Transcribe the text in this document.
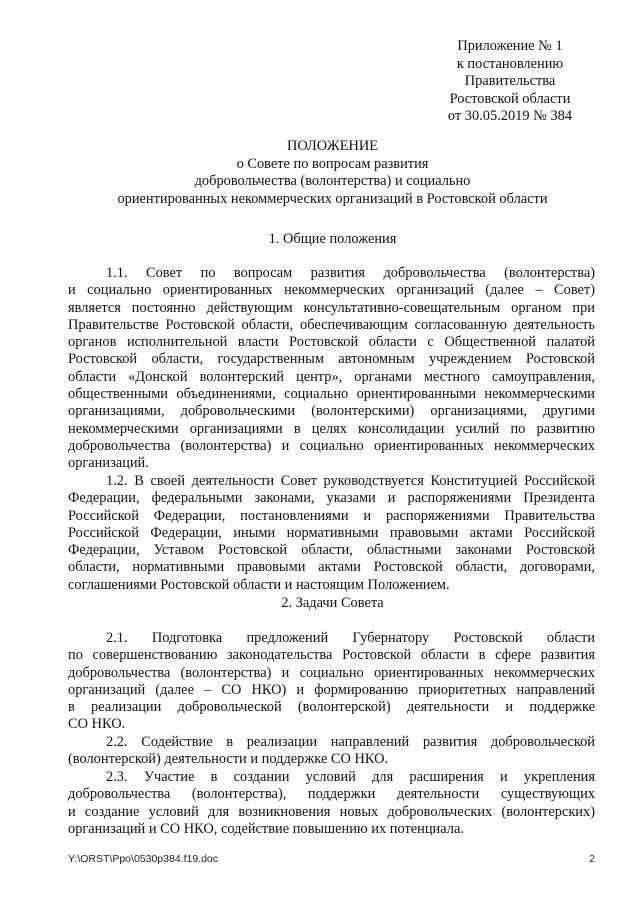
Приложение № 1
к постановлению
Правительства
Ростовской области
от 30.05.2019 № 384
ПОЛОЖЕНИЕ
о Совете по вопросам развития
добровольчества (волонтерства) и социально
ориентированных некоммерческих организаций в Ростовской области
1. Общие положения
1.1. Совет по вопросам развития добровольчества (волонтерства)
и социально ориентированных некоммерческих организаций (далее – Совет)
является постоянно действующим консультативно-совещательным органом при
Правительстве Ростовской области, обеспечивающим согласованную деятельность
органов исполнительной власти Ростовской области с Общественной палатой
Ростовской области, государственным автономным учреждением Ростовской
области «Донской волонтерский центр», органами местного самоуправления,
общественными объединениями, социально ориентированными некоммерческими
организациями, добровольческими (волонтерскими) организациями, другими
некоммерческими организациями в целях консолидации усилий по развитию
добровольчества (волонтерства) и социально ориентированных некоммерческих
организаций.
1.2. В своей деятельности Совет руководствуется Конституцией Российской
Федерации, федеральными законами, указами и распоряжениями Президента
Российской Федерации, постановлениями и распоряжениями Правительства
Российской Федерации, иными нормативными правовыми актами Российской
Федерации, Уставом Ростовской области, областными законами Ростовской
области, нормативными правовыми актами Ростовской области, договорами,
соглашениями Ростовской области и настоящим Положением.
2. Задачи Совета
2.1. Подготовка предложений Губернатору Ростовской области
по совершенствованию законодательства Ростовской области в сфере развития
добровольчества (волонтерства) и социально ориентированных некоммерческих
организаций (далее – СО НКО) и формированию приоритетных направлений
в реализации добровольческой (волонтерской) деятельности и поддержке
СО НКО.
2.2. Содействие в реализации направлений развития добровольческой
(волонтерской) деятельности и поддержке СО НКО.
2.3. Участие в создании условий для расширения и укрепления
добровольчества (волонтерства), поддержки деятельности существующих
и создание условий для возникновения новых добровольческих (волонтерских)
организаций и СО НКО, содействие повышению их потенциала.
Y:\ORST\Ppo\0530p384.f19.doc	2
